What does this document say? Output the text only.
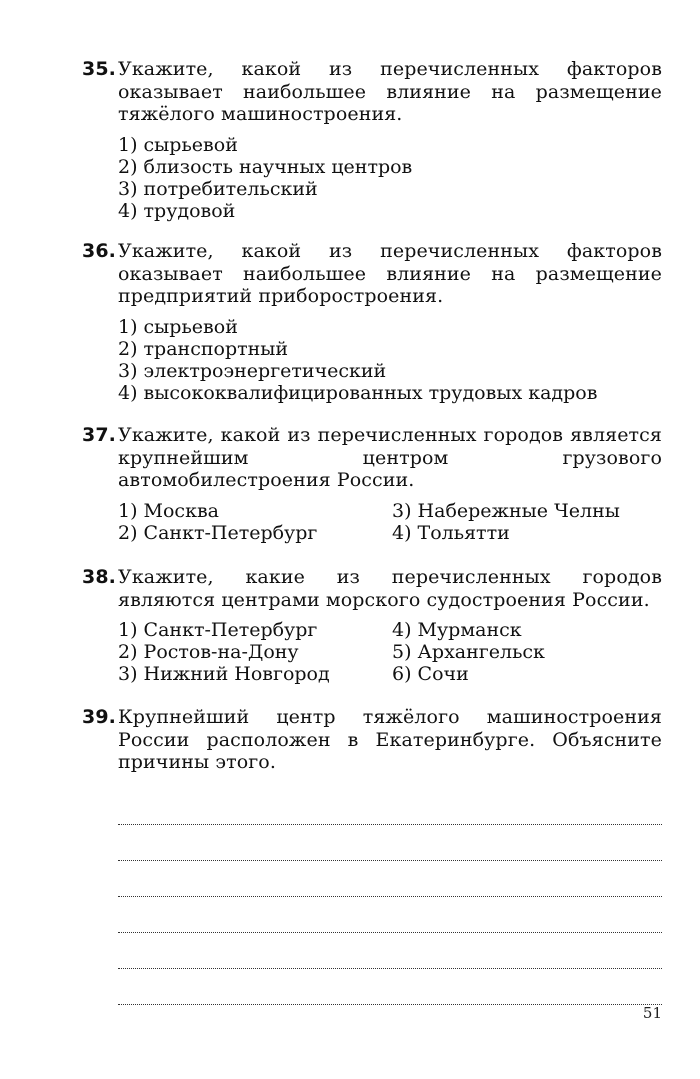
35. Укажите, какой из перечисленных факторов оказывает наибольшее влияние на размещение тяжёлого машиностроения.
1) сырьевой
2) близость научных центров
3) потребительский
4) трудовой
36. Укажите, какой из перечисленных факторов оказывает наибольшее влияние на размещение предприятий приборостроения.
1) сырьевой
2) транспортный
3) электроэнергетический
4) высококвалифицированных трудовых кадров
37. Укажите, какой из перечисленных городов является крупнейшим центром грузового автомобилестроения России.
1) Москва	3) Набережные Челны
2) Санкт-Петербург	4) Тольятти
38. Укажите, какие из перечисленных городов являются центрами морского судостроения России.
1) Санкт-Петербург	4) Мурманск
2) Ростов-на-Дону	5) Архангельск
3) Нижний Новгород	6) Сочи
39. Крупнейший центр тяжёлого машиностроения России расположен в Екатеринбурге. Объясните причины этого.
51
